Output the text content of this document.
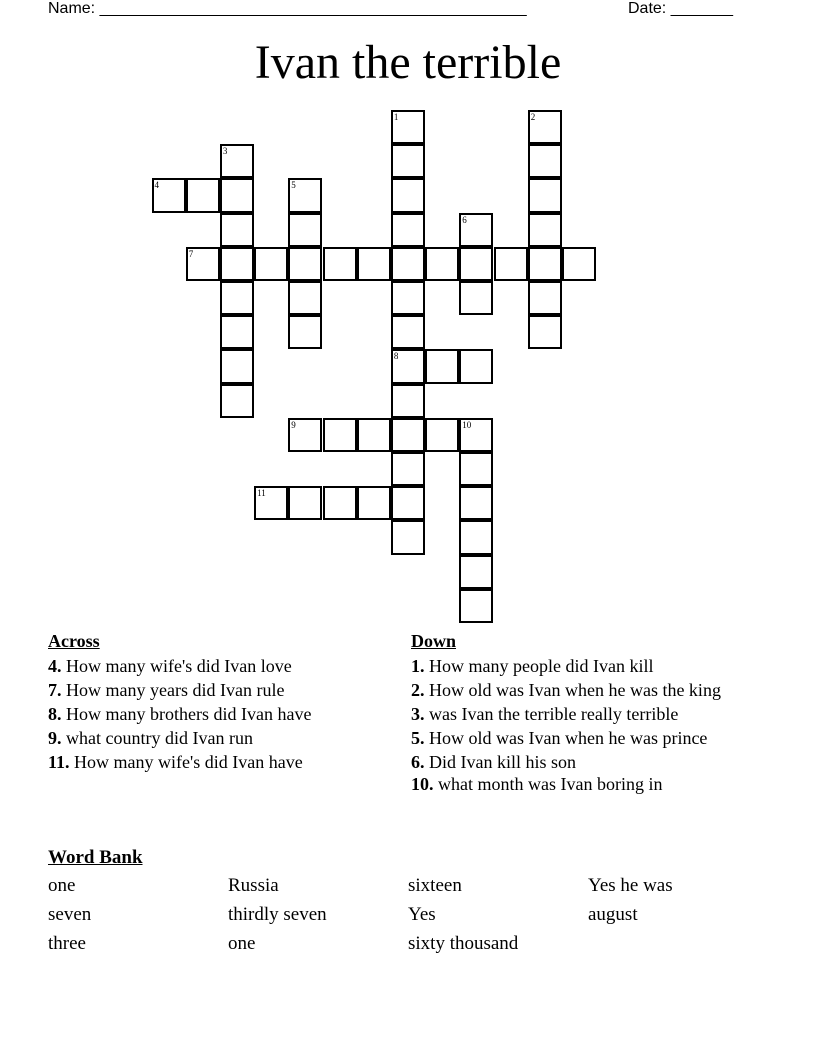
Name: ________________________________________________	Date: _______
Ivan the terrible
1	2
3
4	5
6
7
8
9	10
11
Across
4. How many wife's did Ivan love
7. How many years did Ivan rule
8. How many brothers did Ivan have
9. what country did Ivan run
11. How many wife's did Ivan have
Down
1. How many people did Ivan kill
2. How old was Ivan when he was the king
3. was Ivan the terrible really terrible
5. How old was Ivan when he was prince
6. Did Ivan kill his son
10. what month was Ivan boring in
Word Bank
one	Russia	sixteen	Yes he was
seven	thirdly seven	Yes	august
three	one	sixty thousand
